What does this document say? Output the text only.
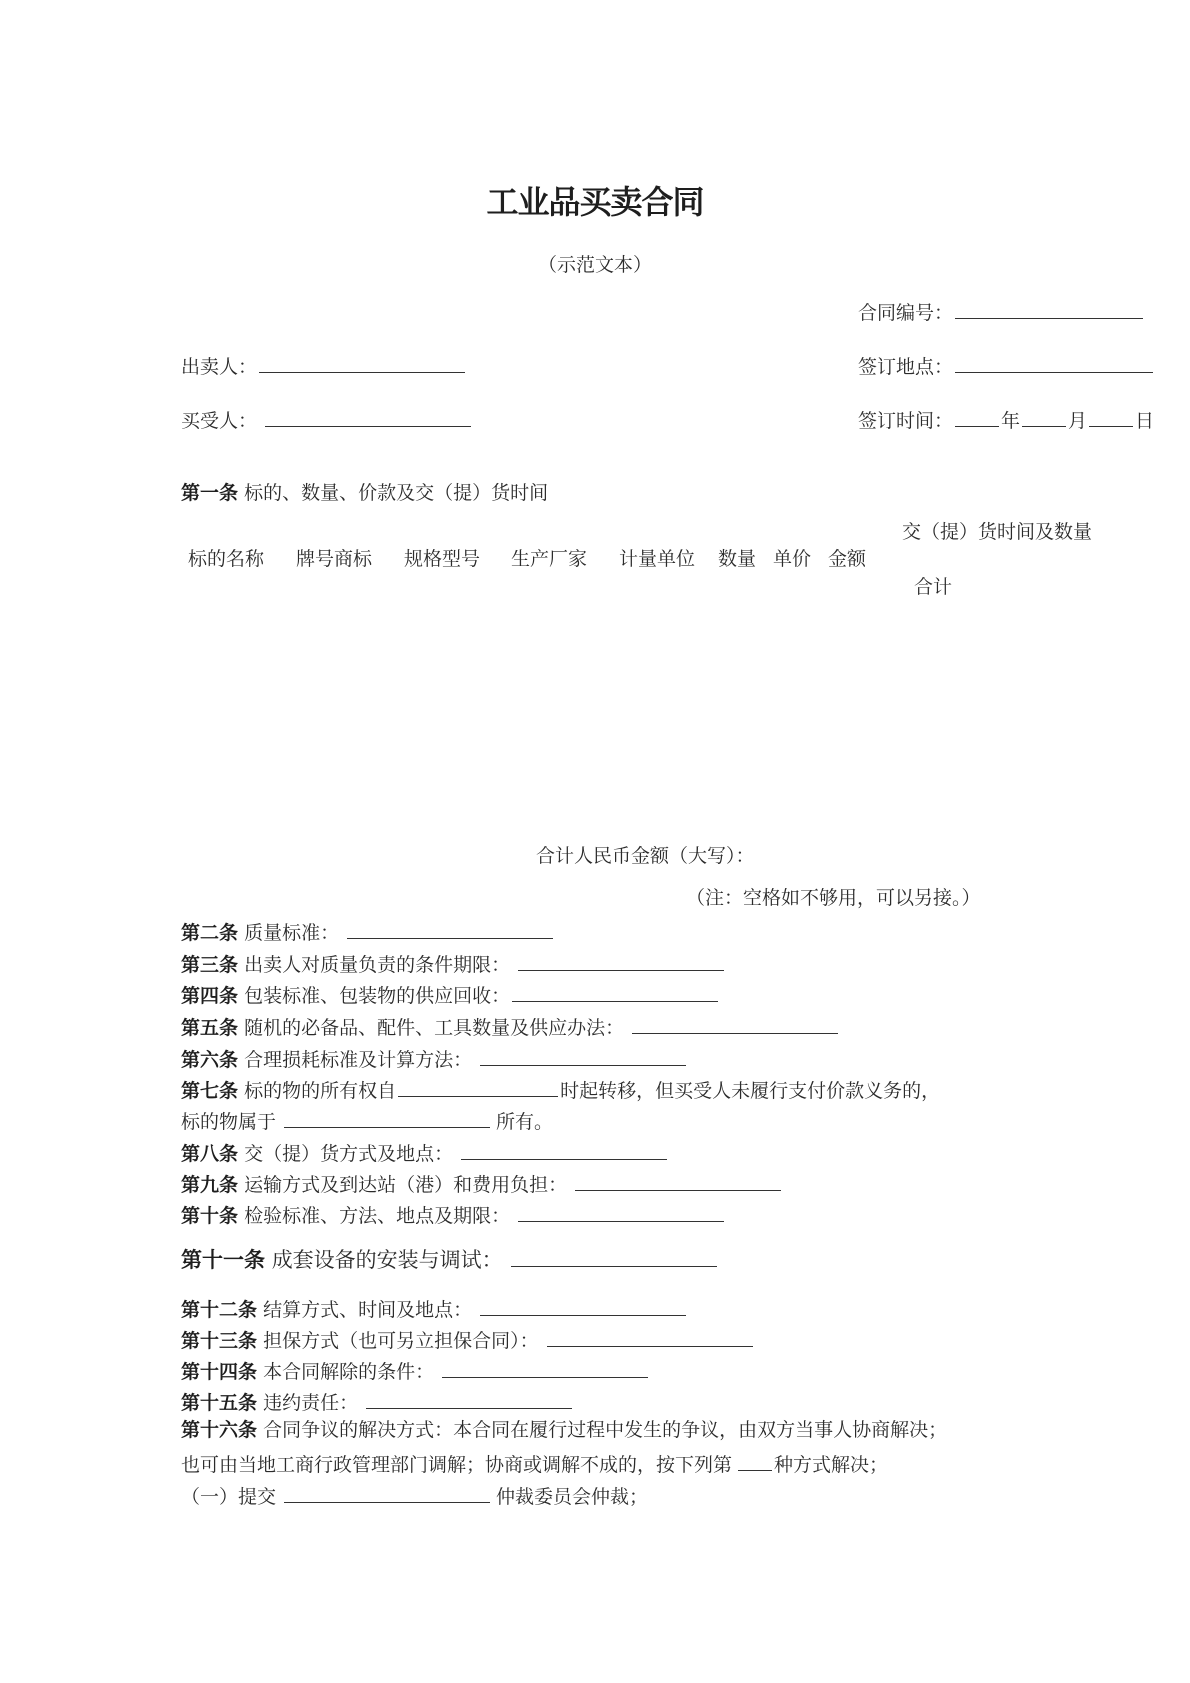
工业品买卖合同
（示范文本）
合同编号：
出卖人：	签订地点：
买受人：	签订时间：	年	月	日
第一条 标的、数量、价款及交（提）货时间
交（提）货时间及数量
标的名称 牌号商标 规格型号 生产厂家 计量单位 数量 单价 金额
合计
合计人民币金额（大写）：
（注：空格如不够用，可以另接。）
第二条 质量标准：
第三条 出卖人对质量负责的条件期限：
第四条 包装标准、包装物的供应回收：
第五条 随机的必备品、配件、工具数量及供应办法：
第六条 合理损耗标准及计算方法：
第七条 标的物的所有权自	时起转移，但买受人未履行支付价款义务的，
标的物属于	所有。
第八条 交（提）货方式及地点：
第九条 运输方式及到达站（港）和费用负担：
第十条 检验标准、方法、地点及期限：
第十一条 成套设备的安装与调试：
第十二条 结算方式、时间及地点：
第十三条 担保方式（也可另立担保合同）：
第十四条 本合同解除的条件：
第十五条 违约责任：
第十六条 合同争议的解决方式：本合同在履行过程中发生的争议，由双方当事人协商解决；
也可由当地工商行政管理部门调解；协商或调解不成的，按下列第 种方式解决；
（一）提交	仲裁委员会仲裁；
